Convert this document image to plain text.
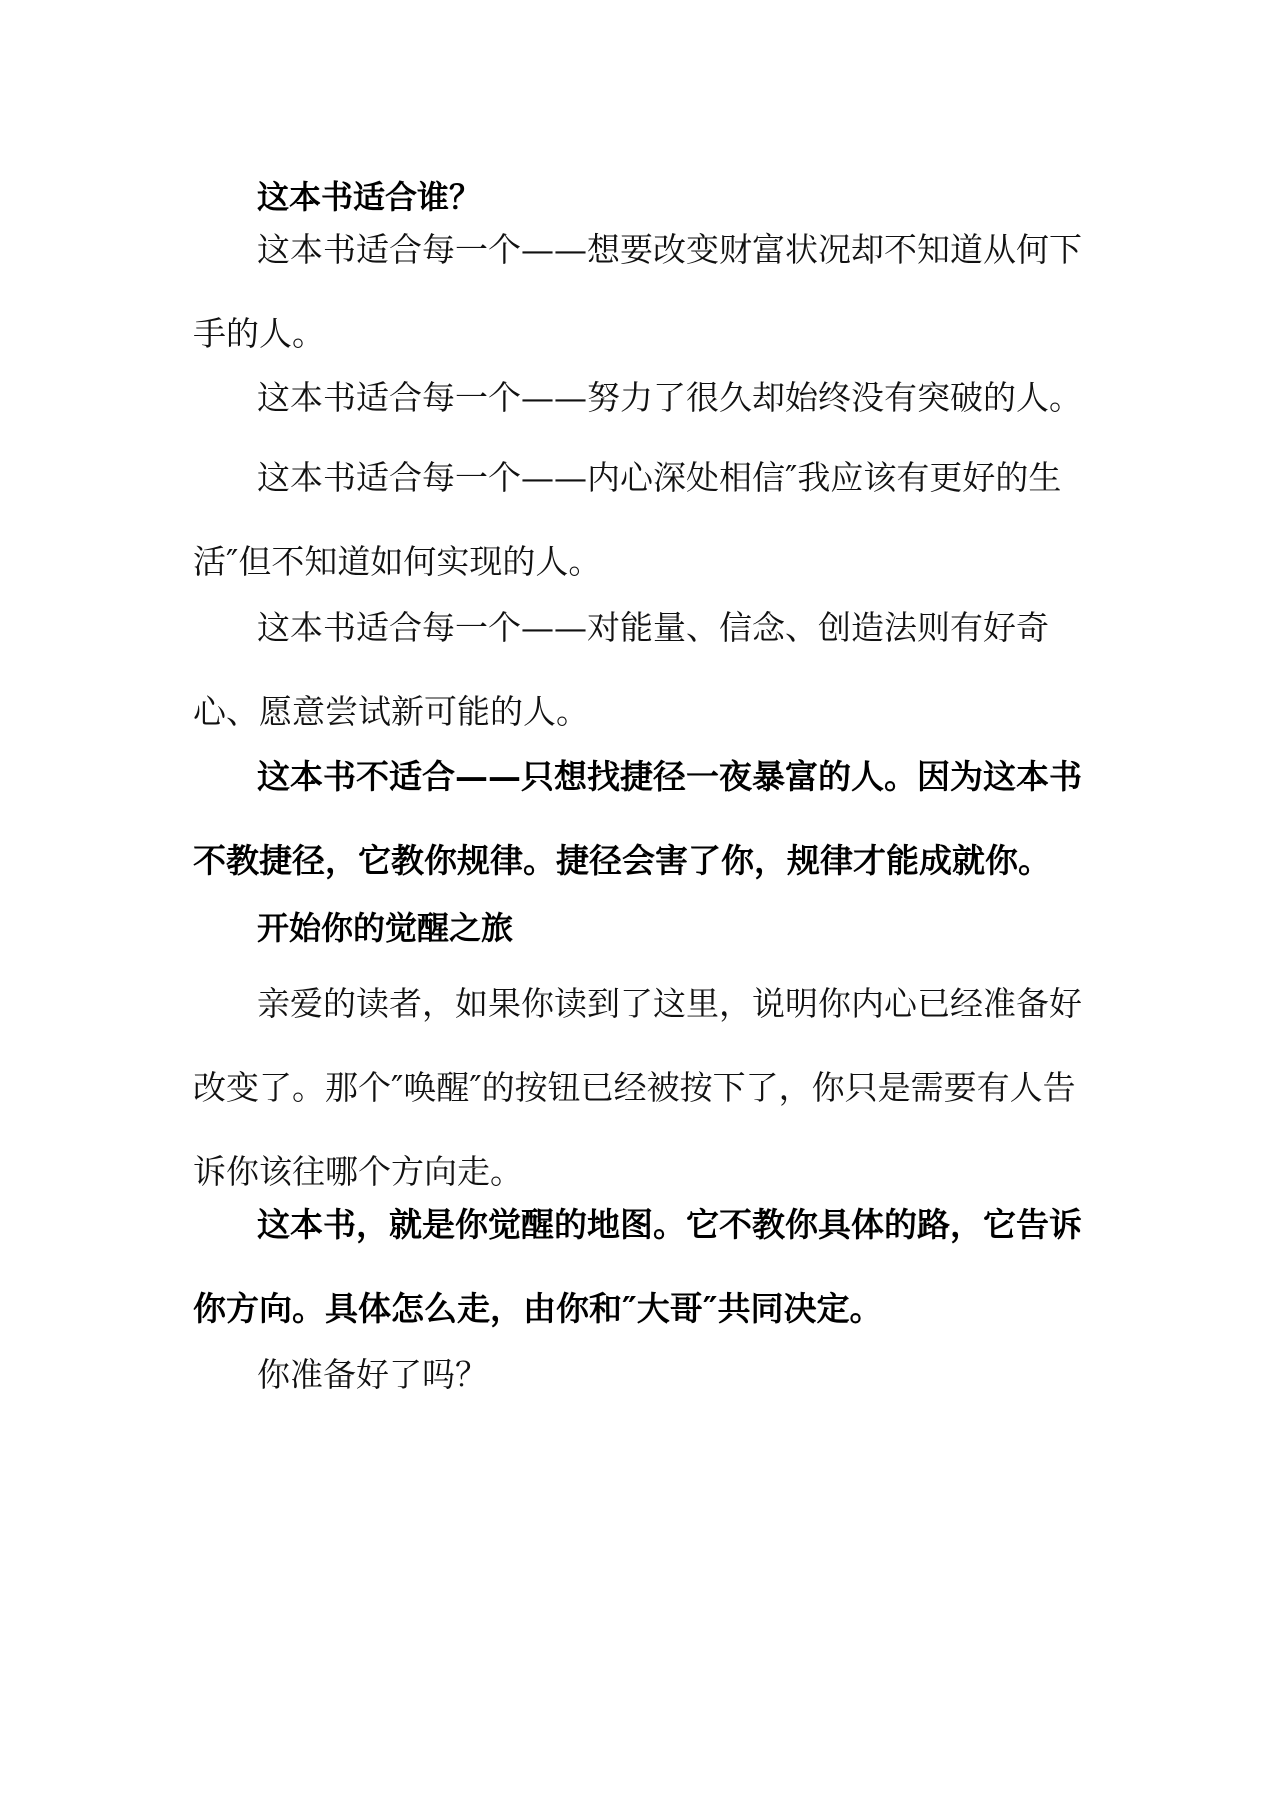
这本书适合谁？

这本书适合每一个——想要改变财富状况却不知道从何下手的人。

这本书适合每一个——努力了很久却始终没有突破的人。

这本书适合每一个——内心深处相信″我应该有更好的生活″但不知道如何实现的人。

这本书适合每一个——对能量、信念、创造法则有好奇心、愿意尝试新可能的人。

这本书不适合——只想找捷径一夜暴富的人。因为这本书不教捷径，它教你规律。捷径会害了你，规律才能成就你。

开始你的觉醒之旅

亲爱的读者，如果你读到了这里，说明你内心已经准备好改变了。那个″唤醒″的按钮已经被按下了，你只是需要有人告诉你该往哪个方向走。

这本书，就是你觉醒的地图。它不教你具体的路，它告诉你方向。具体怎么走，由你和″大哥″共同决定。

你准备好了吗？
